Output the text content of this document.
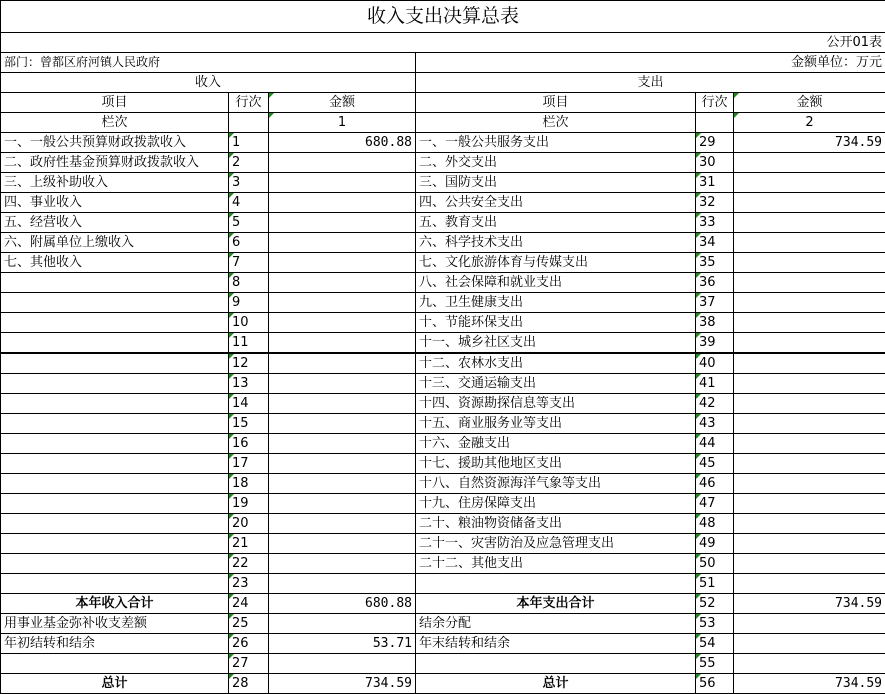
收入支出决算总表					
公开01表					
部门：曾都区府河镇人民政府			金额单位：万元		
收入			支出		
项目	行次	金额	项目	行次	金额
栏次		1	栏次		2
一、一般公共预算财政拨款收入	1	680.88	一、一般公共服务支出	29	734.59
二、政府性基金预算财政拨款收入	2		二、外交支出	30	
三、上级补助收入	3		三、国防支出	31	
四、事业收入	4		四、公共安全支出	32	
五、经营收入	5		五、教育支出	33	
六、附属单位上缴收入	6		六、科学技术支出	34	
七、其他收入	7		七、文化旅游体育与传媒支出	35	
	8		八、社会保障和就业支出	36	
	9		九、卫生健康支出	37	
	10		十、节能环保支出	38	
	11		十一、城乡社区支出	39	
	12		十二、农林水支出	40	
	13		十三、交通运输支出	41	
	14		十四、资源勘探信息等支出	42	
	15		十五、商业服务业等支出	43	
	16		十六、金融支出	44	
	17		十七、援助其他地区支出	45	
	18		十八、自然资源海洋气象等支出	46	
	19		十九、住房保障支出	47	
	20		二十、粮油物资储备支出	48	
	21		二十一、灾害防治及应急管理支出	49	
	22		二十二、其他支出	50	
	23			51	
本年收入合计	24	680.88	本年支出合计	52	734.59
用事业基金弥补收支差额	25		结余分配	53	
年初结转和结余	26	53.71	年末结转和结余	54	
	27			55	
总计	28	734.59	总计	56	734.59
